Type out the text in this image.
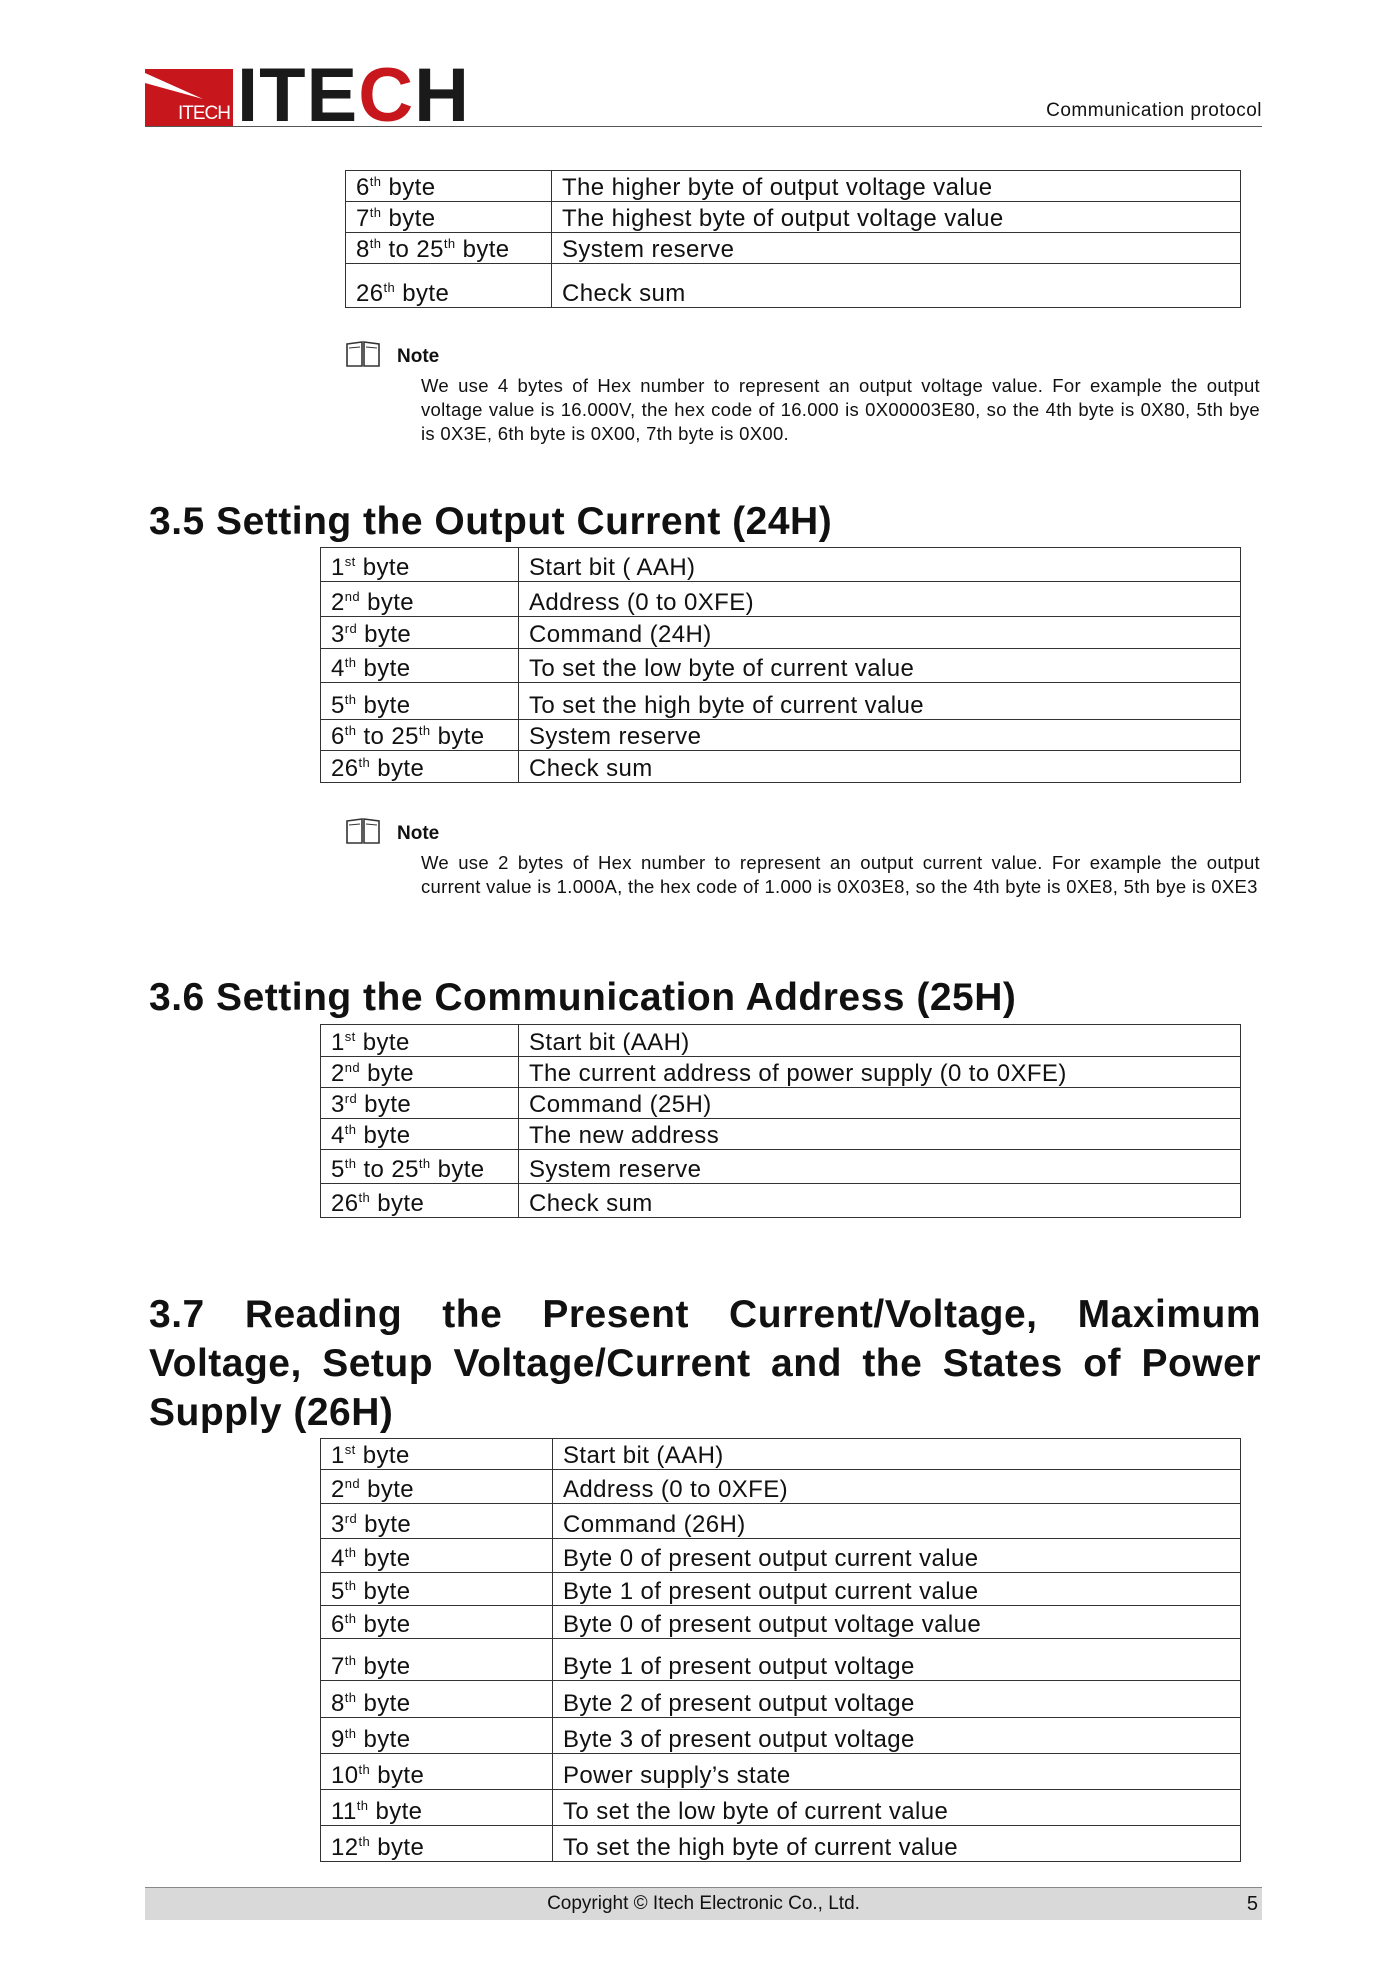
ITECH ITECH	Communication protocol
6th byte	The higher byte of output voltage value
7th byte	The highest byte of output voltage value
8th to 25th byte	System reserve
26th byte	Check sum
Note
We use 4 bytes of Hex number to represent an output voltage value. For example the output voltage value is 16.000V, the hex code of 16.000 is 0X00003E80, so the 4th byte is 0X80, 5th bye is 0X3E, 6th byte is 0X00, 7th byte is 0X00.
3.5 Setting the Output Current (24H)
1st byte	Start bit ( AAH)
2nd byte	Address (0 to 0XFE)
3rd byte	Command (24H)
4th byte	To set the low byte of current value
5th byte	To set the high byte of current value
6th to 25th byte	System reserve
26th byte	Check sum
Note
We use 2 bytes of Hex number to represent an output current value. For example the output current value is 1.000A, the hex code of 1.000 is 0X03E8, so the 4th byte is 0XE8, 5th bye is 0XE3
3.6 Setting the Communication Address (25H)
1st byte	Start bit (AAH)
2nd byte	The current address of power supply (0 to 0XFE)
3rd byte	Command (25H)
4th byte	The new address
5th to 25th byte	System reserve
26th byte	Check sum
3.7 Reading the Present Current/Voltage, Maximum Voltage, Setup Voltage/Current and the States of Power Supply (26H)
1st byte	Start bit (AAH)
2nd byte	Address (0 to 0XFE)
3rd byte	Command (26H)
4th byte	Byte 0 of present output current value
5th byte	Byte 1 of present output current value
6th byte	Byte 0 of present output voltage value
7th byte	Byte 1 of present output voltage
8th byte	Byte 2 of present output voltage
9th byte	Byte 3 of present output voltage
10th byte	Power supply’s state
11th byte	To set the low byte of current value
12th byte	To set the high byte of current value
Copyright © Itech Electronic Co., Ltd.	5
